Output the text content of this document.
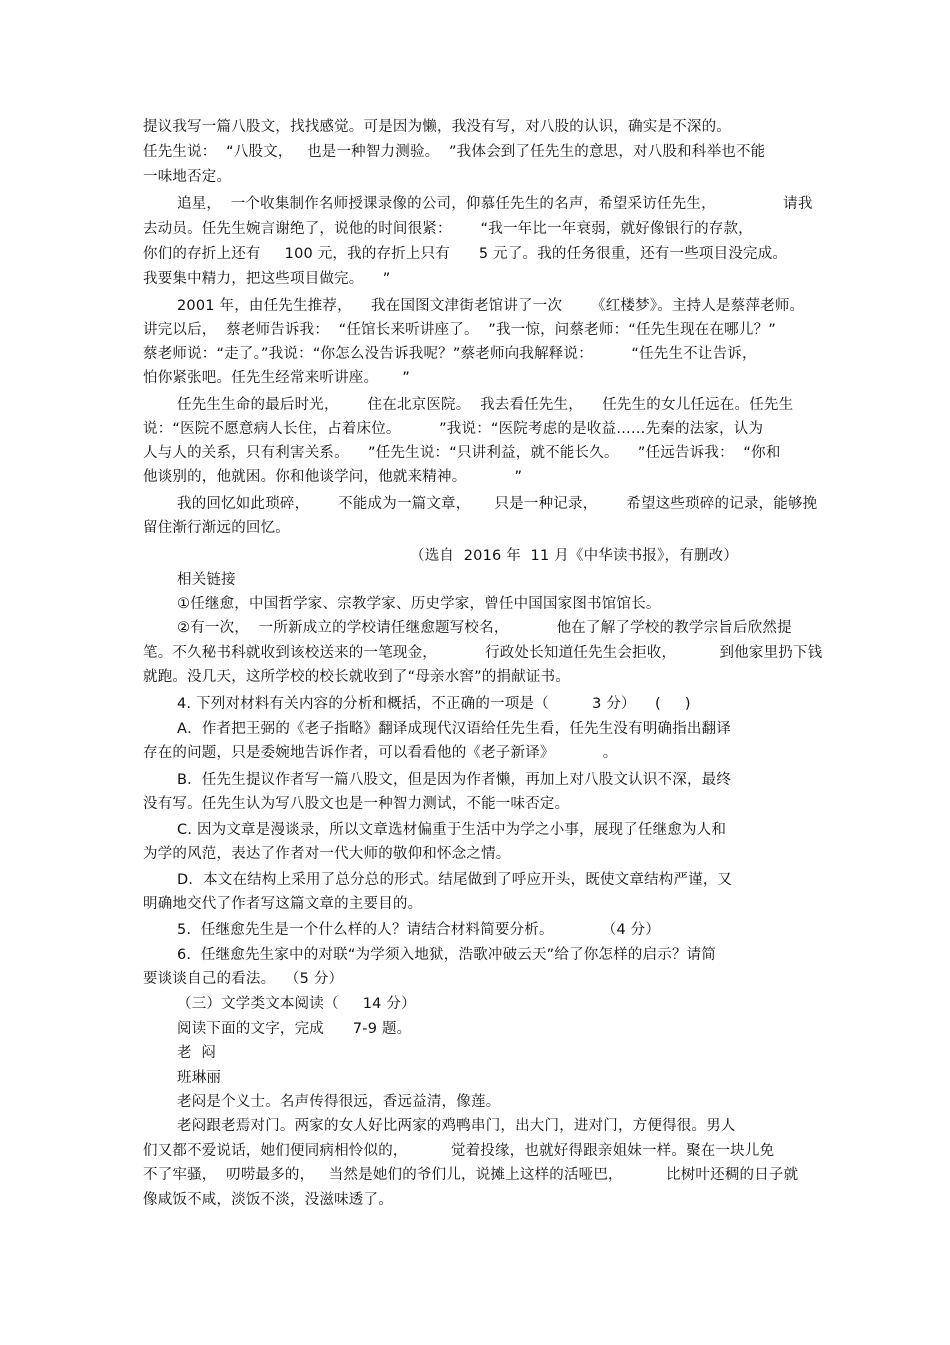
提议我写一篇八股文，找找感觉。可是因为懒，我没有写，对八股的认识，确实是不深的。
任先生说：  “八股文，   也是一种智力测验。  ”我体会到了任先生的意思，对八股和科举也不能
一味地否定。
追星，  一个收集制作名师授课录像的公司，仰慕任先生的名声，希望采访任先生，              请我
去动员。任先生婉言谢绝了，说他的时间很紧：      “我一年比一年衰弱，就好像银行的存款，
你们的存折上还有     100 元，我的存折上只有      5 元了。我的任务很重，还有一些项目没完成。
我要集中精力，把这些项目做完。    ”
2001 年，由任先生推荐，    我在国图文津街老馆讲了一次      《红楼梦》。主持人是蔡萍老师。
讲完以后，  蔡老师告诉我：  “任馆长来听讲座了。  ”我一惊，问蔡老师：“任先生现在在哪儿？”
蔡老师说：“走了。”我说：“你怎么没告诉我呢？”蔡老师向我解释说：        “任先生不让告诉，
怕你紧张吧。任先生经常来听讲座。     ”
任先生生命的最后时光，      住在北京医院。  我去看任先生，    任先生的女儿任远在。任先生
说：“医院不愿意病人长住，占着床位。        ”我说：“医院考虑的是收益……先秦的法家，认为
人与人的关系，只有利害关系。    ”任先生说：“只讲利益，就不能长久。    ”任远告诉我：  “你和
他谈别的，他就困。你和他谈学问，他就来精神。          ”
我的回忆如此琐碎，      不能成为一篇文章，     只是一种记录，      希望这些琐碎的记录，能够挽
留住渐行渐远的回忆。
（选自  2016 年  11 月《中华读书报》，有删改）
相关链接
①任继愈，中国哲学家、宗教学家、历史学家，曾任中国国家图书馆馆长。
②有一次，  一所新成立的学校请任继愈题写校名，          他在了解了学校的教学宗旨后欣然提
笔。不久秘书科就收到该校送来的一笔现金，          行政处长知道任先生会拒收，         到他家里扔下钱
就跑。没几天，这所学校的校长就收到了“母亲水窖”的捐献证书。
4. 下列对材料有关内容的分析和概括，不正确的一项是（         3 分）    (     )
A．作者把王弼的《老子指略》翻译成现代汉语给任先生看，任先生没有明确指出翻译
存在的问题，只是委婉地告诉作者，可以看看他的《老子新译》          。
B．任先生提议作者写一篇八股文，但是因为作者懒，再加上对八股文认识不深，最终
没有写。任先生认为写八股文也是一种智力测试，不能一味否定。
C. 因为文章是漫谈录，所以文章选材偏重于生活中为学之小事，展现了任继愈为人和
为学的风范，表达了作者对一代大师的敬仰和怀念之情。
D．本文在结构上采用了总分总的形式。结尾做到了呼应开头，既使文章结构严谨，又
明确地交代了作者写这篇文章的主要目的。
5.  任继愈先生是一个什么样的人？请结合材料简要分析。          （4 分）
6.  任继愈先生家中的对联“为学须入地狱，浩歌冲破云天”给了你怎样的启示？请简
要谈谈自己的看法。  （5 分）
（三）文学类文本阅读（     14 分）
阅读下面的文字，完成      7-9 题。
老  闷
班琳丽
老闷是个义士。名声传得很远，香远益清，像莲。
老闷跟老焉对门。两家的女人好比两家的鸡鸭串门，出大门，进对门，方便得很。男人
们又都不爱说话，她们便同病相怜似的，         觉着投缘，也就好得跟亲姐妹一样。聚在一块儿免
不了牢骚，  叨唠最多的，   当然是她们的爷们儿，说摊上这样的活哑巴，         比树叶还稠的日子就
像咸饭不咸，淡饭不淡，没滋味透了。
